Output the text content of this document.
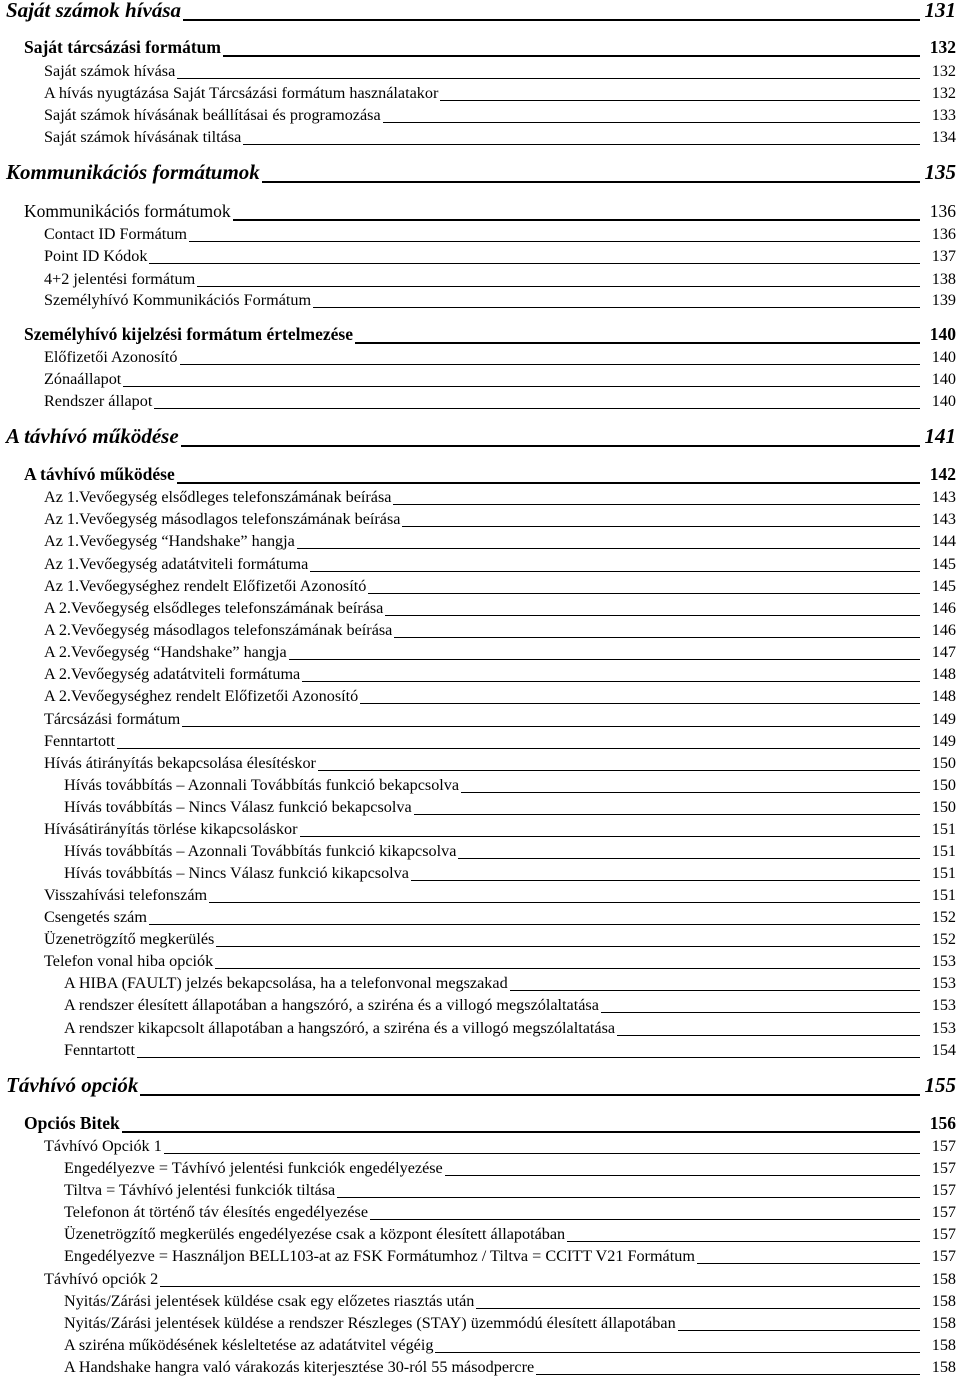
Saját számok hívása	131
Saját tárcsázási formátum	132
Saját számok hívása	132
A hívás nyugtázása Saját Tárcsázási formátum használatakor	132
Saját számok hívásának beállításai és programozása	133
Saját számok hívásának tiltása	134
Kommunikációs formátumok	135
Kommunikációs formátumok	136
Contact ID Formátum	136
Point ID Kódok	137
4+2 jelentési formátum	138
Személyhívó Kommunikációs Formátum	139
Személyhívó kijelzési formátum értelmezése	140
Előfizetői Azonosító	140
Zónaállapot	140
Rendszer állapot	140
A távhívó működése	141
A távhívó működése	142
Az 1.Vevőegység elsődleges telefonszámának beírása	143
Az 1.Vevőegység másodlagos telefonszámának beírása	143
Az 1.Vevőegység “Handshake” hangja	144
Az 1.Vevőegység adatátviteli formátuma	145
Az 1.Vevőegységhez rendelt Előfizetői Azonosító	145
A 2.Vevőegység elsődleges telefonszámának beírása	146
A 2.Vevőegység másodlagos telefonszámának beírása	146
A 2.Vevőegység “Handshake” hangja	147
A 2.Vevőegység adatátviteli formátuma	148
A 2.Vevőegységhez rendelt Előfizetői Azonosító	148
Tárcsázási formátum	149
Fenntartott	149
Hívás átirányítás bekapcsolása élesítéskor	150
Hívás továbbítás – Azonnali Továbbítás funkció bekapcsolva	150
Hívás továbbítás – Nincs Válasz funkció bekapcsolva	150
Hívásátirányítás törlése kikapcsoláskor	151
Hívás továbbítás – Azonnali Továbbítás funkció kikapcsolva	151
Hívás továbbítás – Nincs Válasz funkció kikapcsolva	151
Visszahívási telefonszám	151
Csengetés szám	152
Üzenetrögzítő megkerülés	152
Telefon vonal hiba opciók	153
A HIBA (FAULT) jelzés bekapcsolása, ha a telefonvonal megszakad	153
A rendszer élesített állapotában a hangszóró, a sziréna és a villogó megszólaltatása	153
A rendszer kikapcsolt állapotában a hangszóró, a sziréna és a villogó megszólaltatása	153
Fenntartott	154
Távhívó opciók	155
Opciós Bitek	156
Távhívó Opciók 1	157
Engedélyezve = Távhívó jelentési funkciók engedélyezése	157
Tiltva = Távhívó jelentési funkciók tiltása	157
Telefonon át történő táv élesítés engedélyezése	157
Üzenetrögzítő megkerülés engedélyezése csak a központ élesített állapotában	157
Engedélyezve = Használjon BELL103-at az FSK Formátumhoz / Tiltva = CCITT V21 Formátum	157
Távhívó opciók 2	158
Nyitás/Zárási jelentések küldése csak egy előzetes riasztás után	158
Nyitás/Zárási jelentések küldése a rendszer Részleges (STAY) üzemmódú élesített állapotában	158
A sziréna működésének késleltetése az adatátvitel végéig	158
A Handshake hangra való várakozás kiterjesztése 30-ról 55 másodpercre	158
